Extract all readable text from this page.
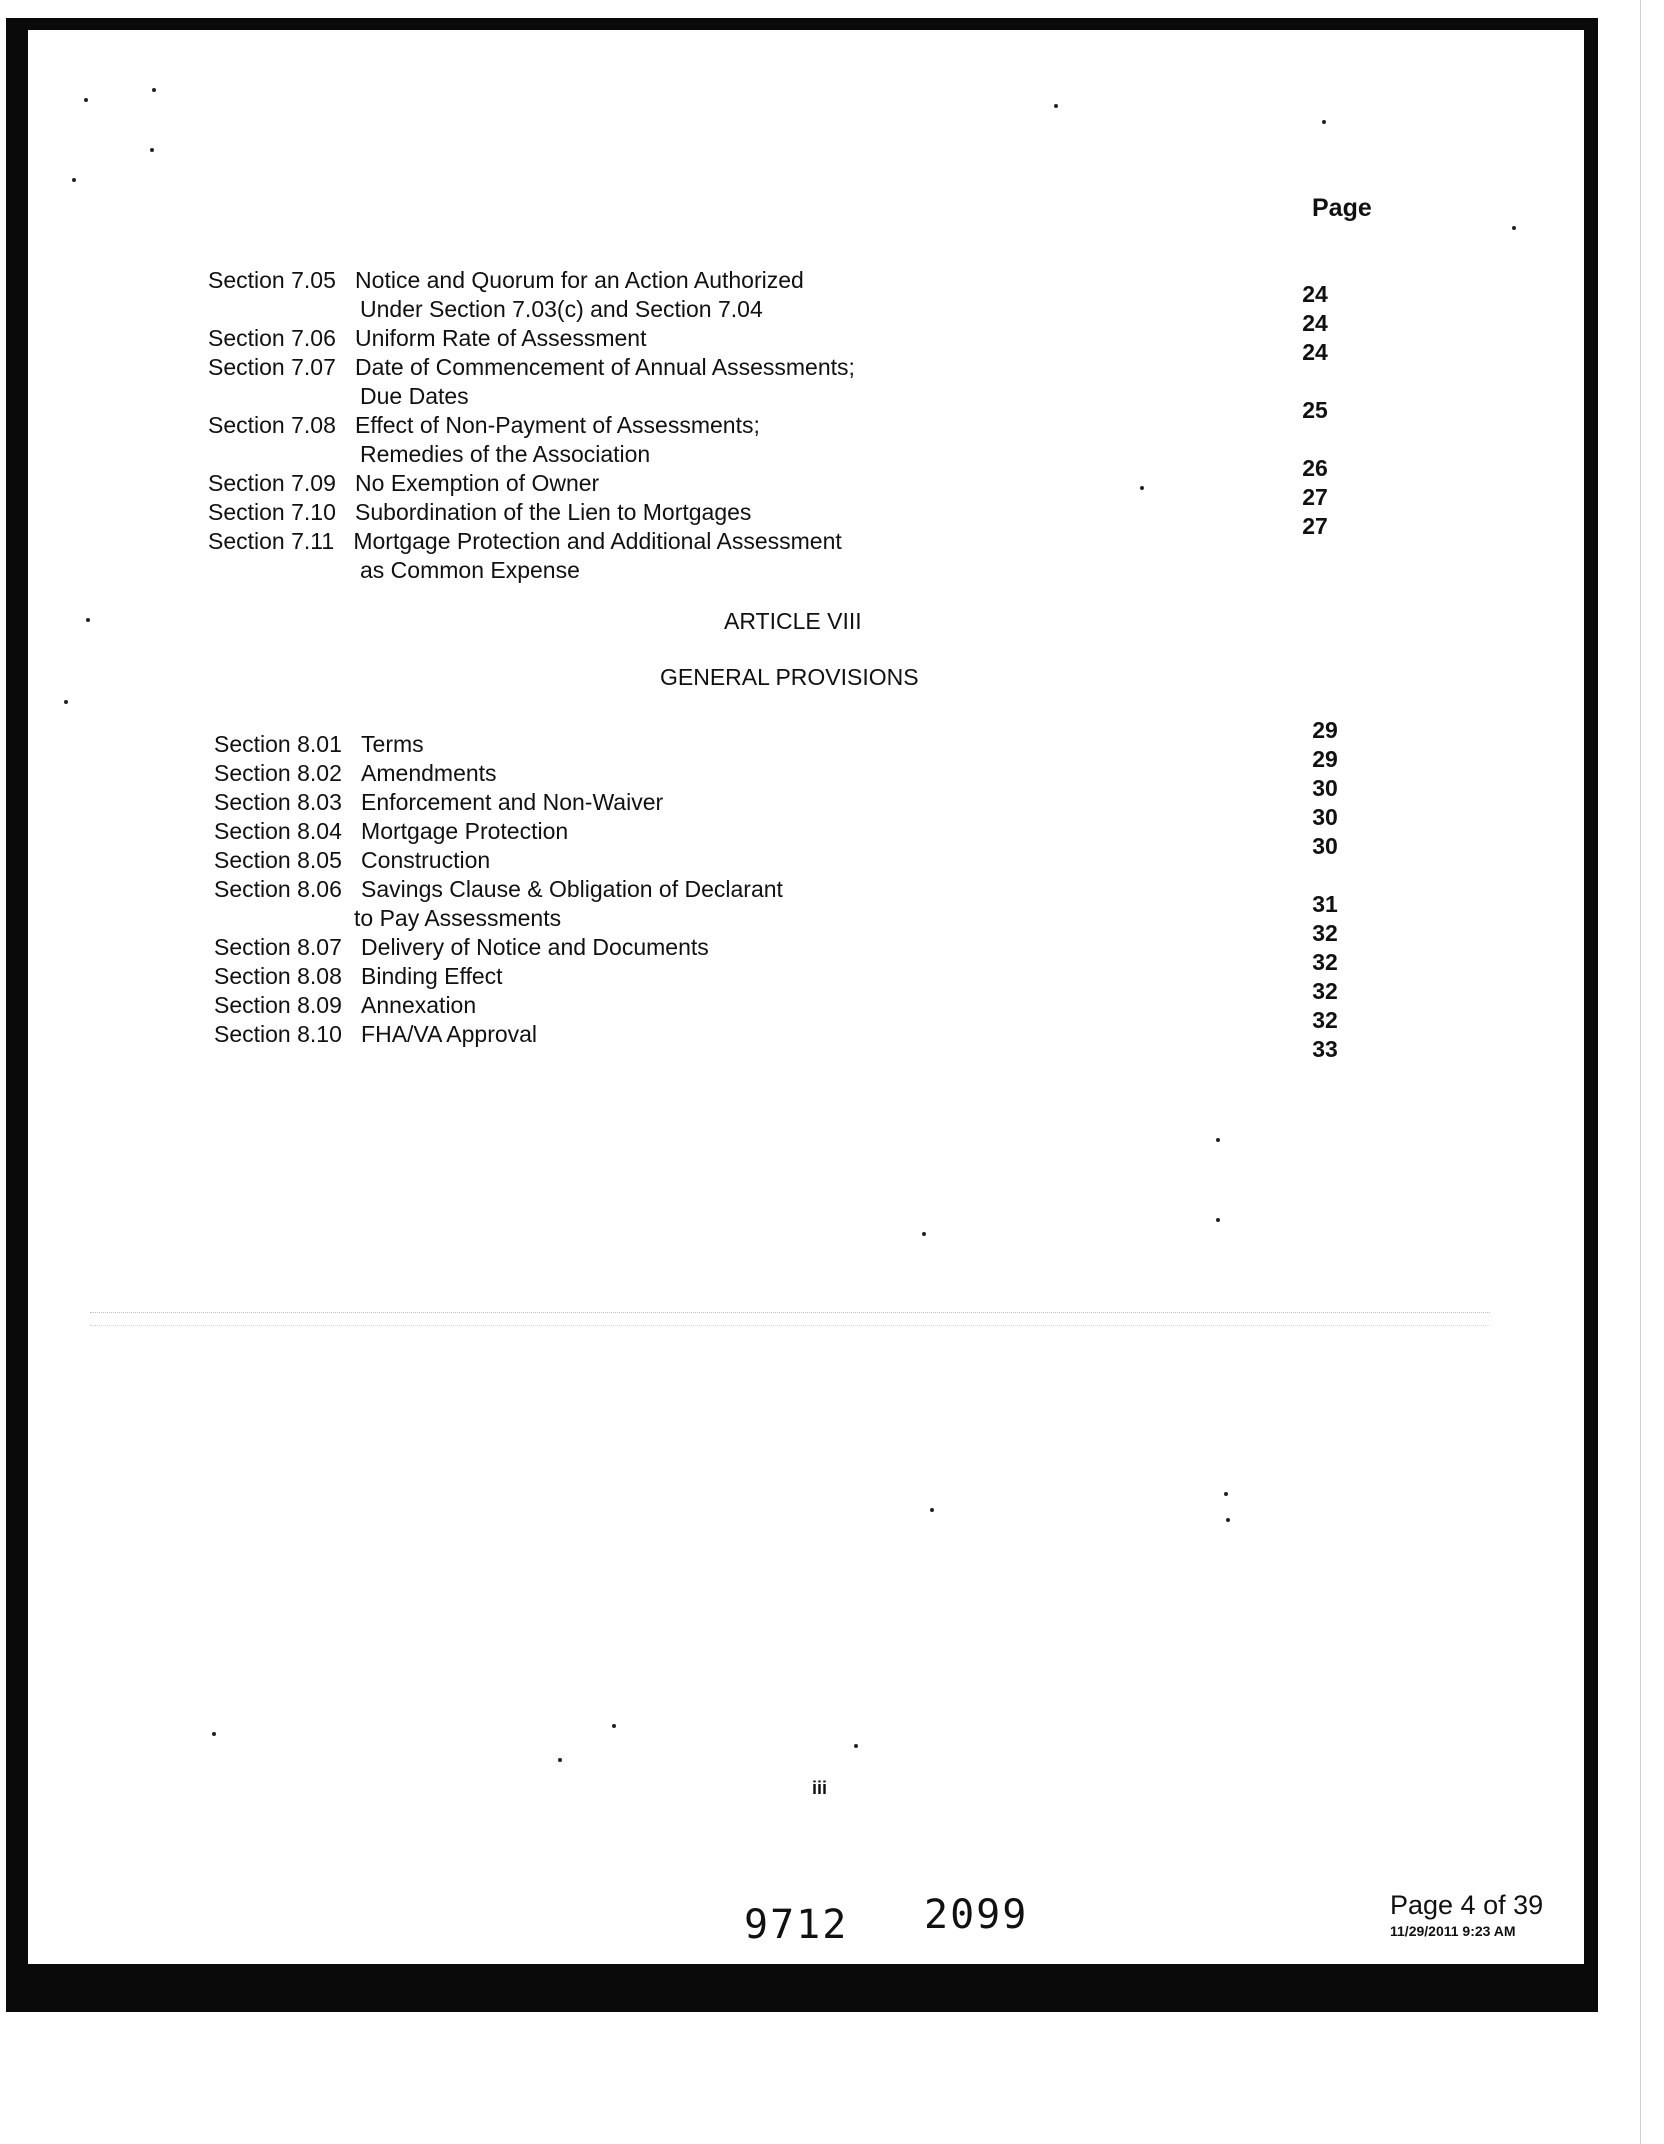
Page
Section 7.05   Notice and Quorum for an Action Authorized
Under Section 7.03(c) and Section 7.04
Section 7.06   Uniform Rate of Assessment
Section 7.07   Date of Commencement of Annual Assessments;
Due Dates
Section 7.08   Effect of Non-Payment of Assessments;
Remedies of the Association
Section 7.09   No Exemption of Owner
Section 7.10   Subordination of the Lien to Mortgages
Section 7.11   Mortgage Protection and Additional Assessment
as Common Expense
24
24
24
25
26
27
27
ARTICLE VIII
GENERAL PROVISIONS
Section 8.01   Terms
Section 8.02   Amendments
Section 8.03   Enforcement and Non-Waiver
Section 8.04   Mortgage Protection
Section 8.05   Construction
Section 8.06   Savings Clause & Obligation of Declarant
to Pay Assessments
Section 8.07   Delivery of Notice and Documents
Section 8.08   Binding Effect
Section 8.09   Annexation
Section 8.10   FHA/VA Approval
29
29
30
30
30
31
32
32
32
32
33
iii
9712 2099	Page 4 of 39
11/29/2011 9:23 AM
